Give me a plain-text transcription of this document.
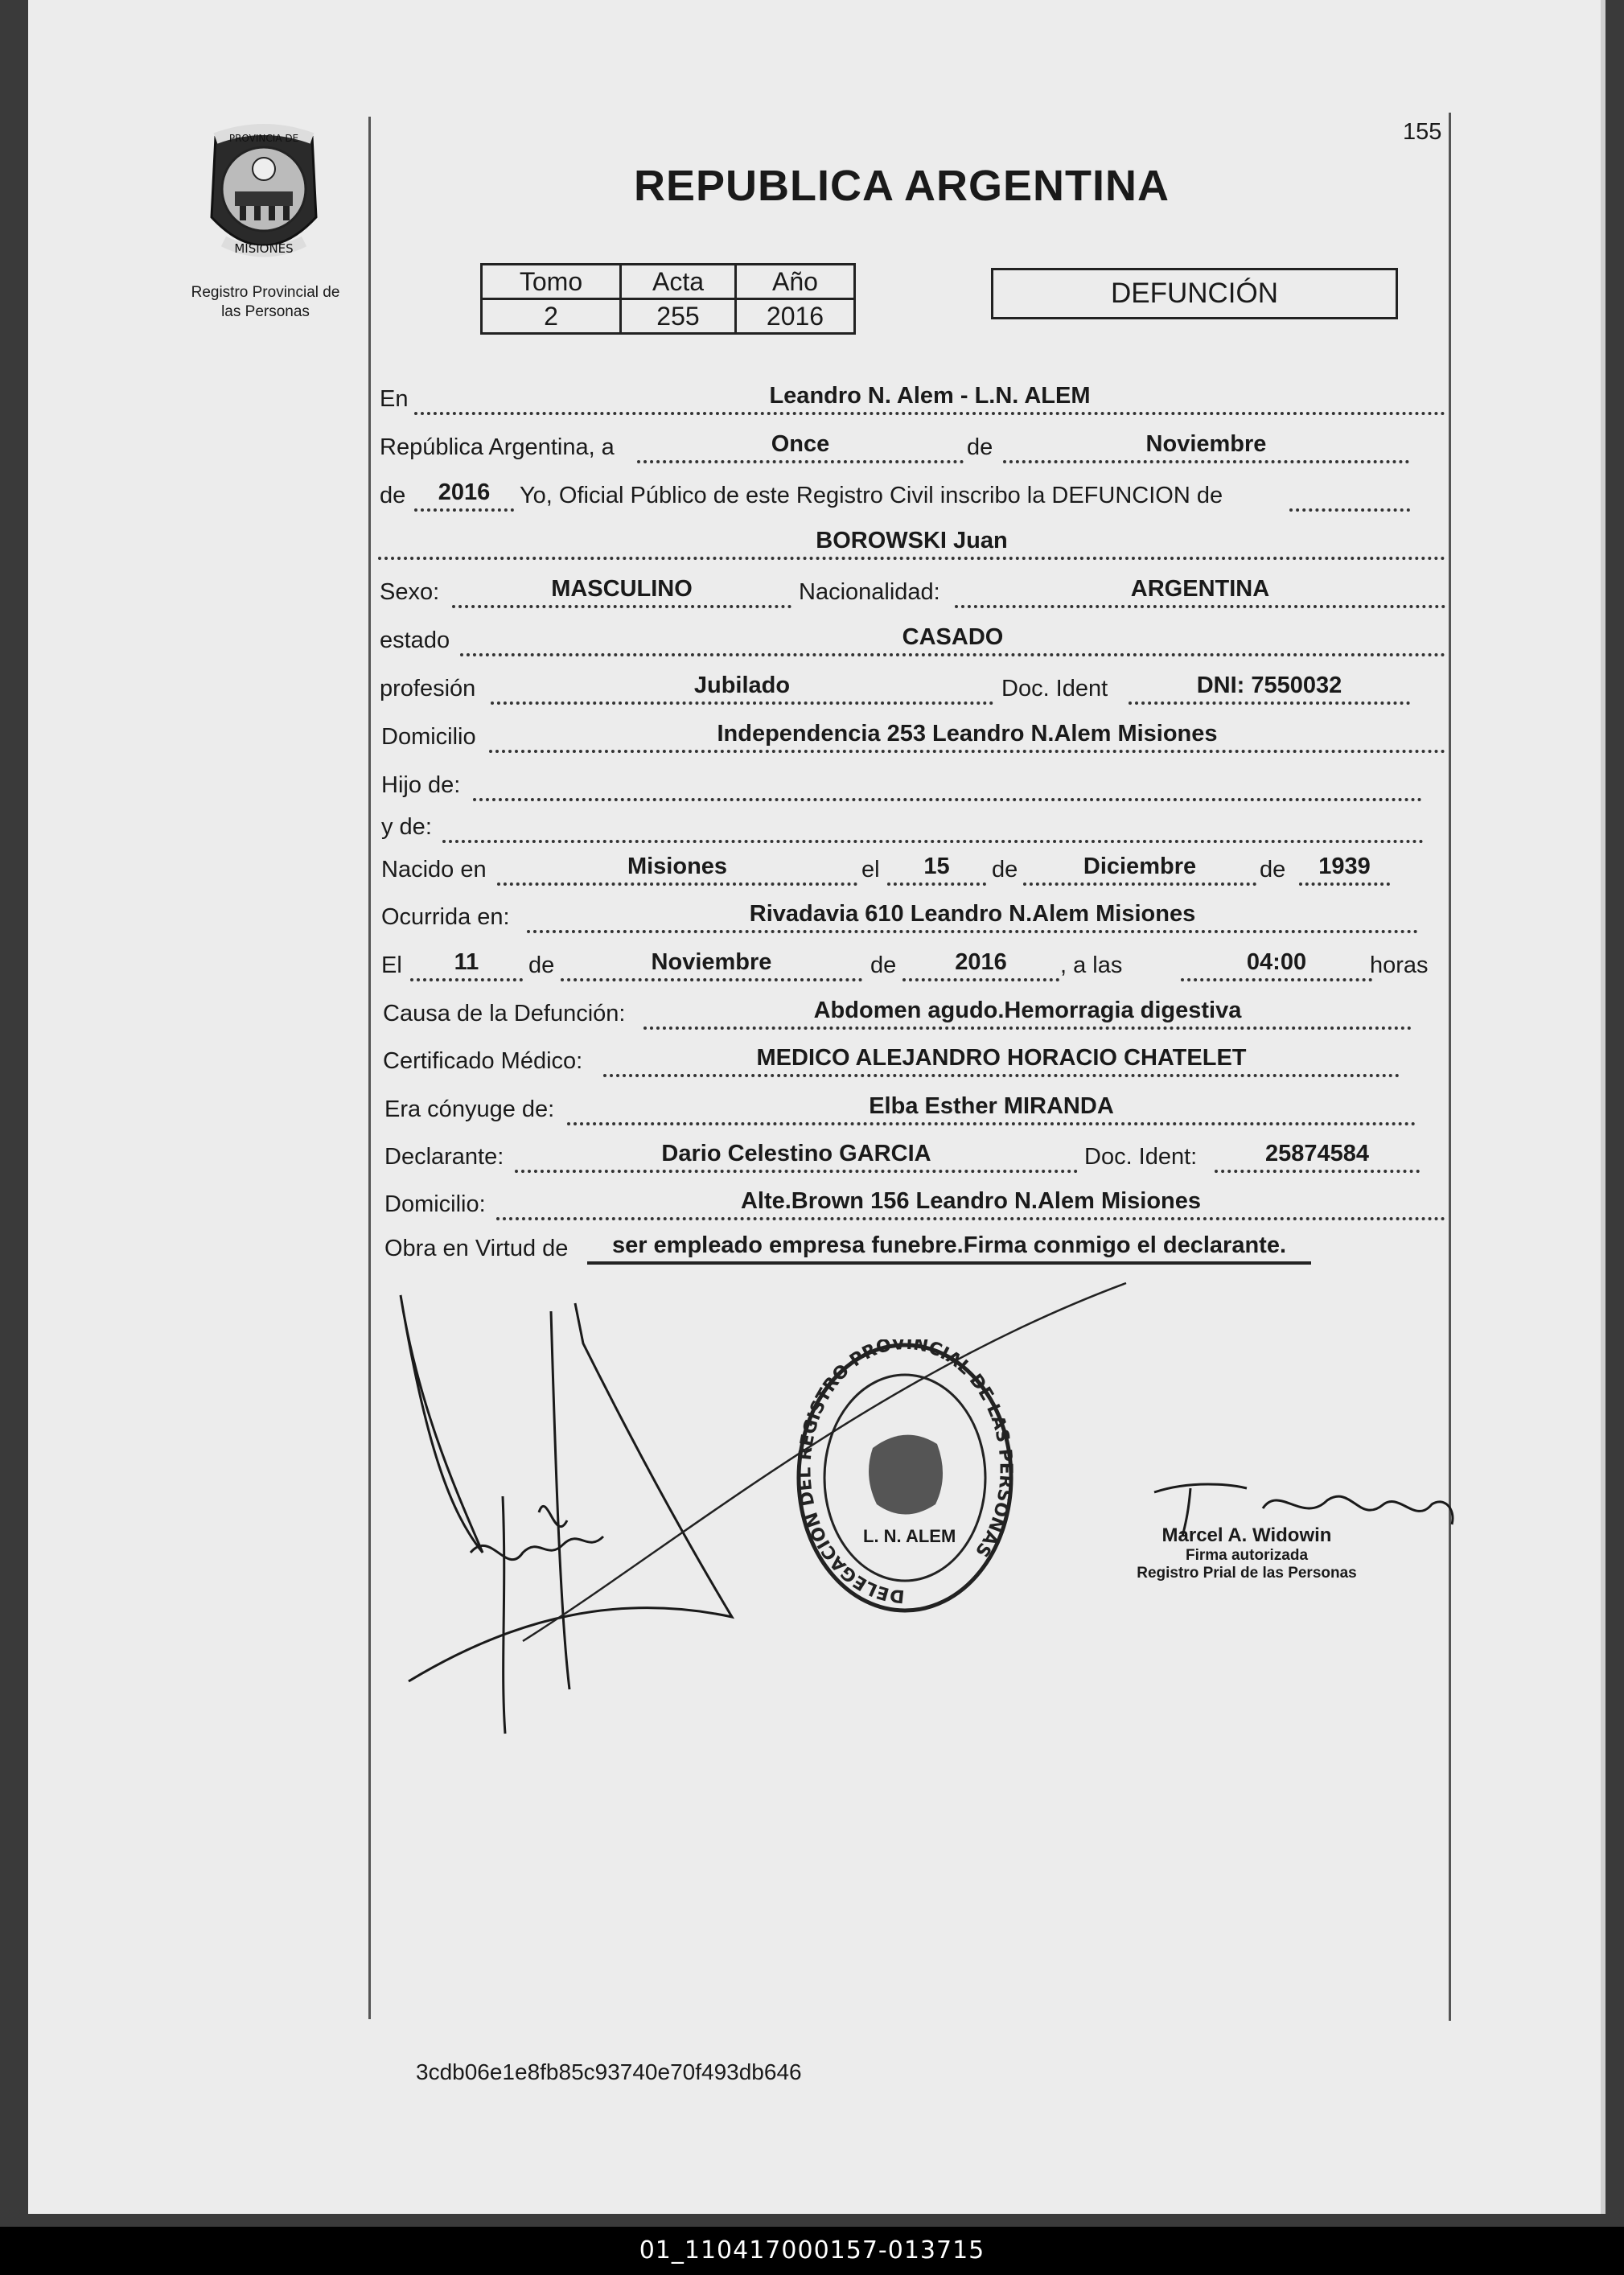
155
PROVINCIA DE
MISIONES
Registro Provincial de
las Personas
REPUBLICA ARGENTINA
Tomo	Acta	Año
2	255	2016
DEFUNCIÓN
En	Leandro N. Alem - L.N. ALEM
República Argentina, a	Once	de	Noviembre
de	2016	Yo, Oficial Público de este Registro Civil inscribo la DEFUNCION de
BOROWSKI Juan
Sexo:	MASCULINO	Nacionalidad:	ARGENTINA
estado	CASADO
profesión	Jubilado	Doc. Ident	DNI: 7550032
Domicilio	Independencia 253 Leandro N.Alem Misiones
Hijo de:
y de:
Nacido en	Misiones	el	15	de	Diciembre	de	1939
Ocurrida en:	Rivadavia 610 Leandro N.Alem Misiones
El	11	de	Noviembre	de	2016	, a las	04:00	horas
Causa de la Defunción:	Abdomen agudo.Hemorragia digestiva
Certificado Médico:	MEDICO ALEJANDRO HORACIO CHATELET
Era cónyuge de:	Elba Esther MIRANDA
Declarante:	Dario Celestino GARCIA	Doc. Ident:	25874584
Domicilio:	Alte.Brown 156 Leandro N.Alem Misiones
Obra en Virtud de	ser empleado empresa funebre.Firma conmigo el declarante.
DELEGACION DEL REGISTRO PROVINCIAL DE LAS PERSONAS
L. N. ALEM	Marcel A. Widowin
Firma autorizada
Registro Prial de las Personas
3cdb06e1e8fb85c93740e70f493db646
01_110417000157-013715
